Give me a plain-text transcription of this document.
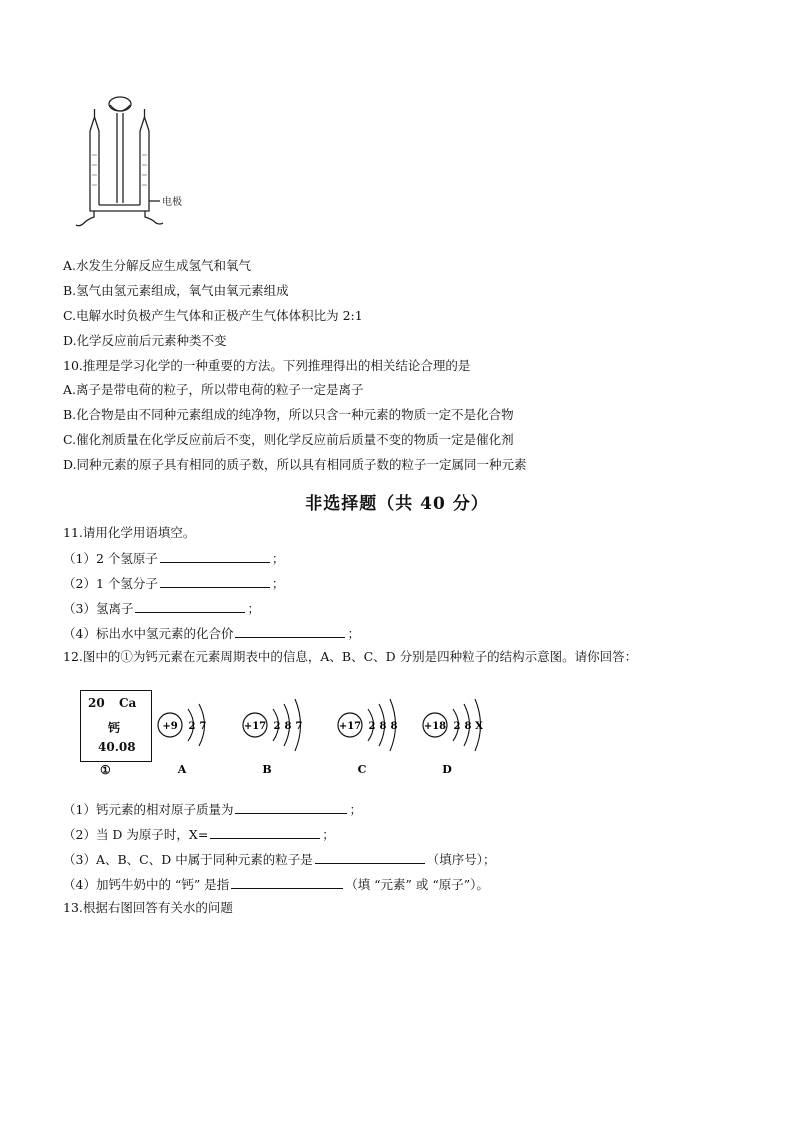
电极
A.水发生分解反应生成氢气和氧气
B.氢气由氢元素组成，氧气由氧元素组成
C.电解水时负极产生气体和正极产生气体体积比为 2:1
D.化学反应前后元素种类不变
10.推理是学习化学的一种重要的方法。下列推理得出的相关结论合理的是
A.离子是带电荷的粒子，所以带电荷的粒子一定是离子
B.化合物是由不同种元素组成的纯净物，所以只含一种元素的物质一定不是化合物
C.催化剂质量在化学反应前后不变，则化学反应前后质量不变的物质一定是催化剂
D.同种元素的原子具有相同的质子数，所以具有相同质子数的粒子一定属同一种元素
非选择题（共 40 分）
11.请用化学用语填空。
（1）2 个氢原子	；
（2）1 个氢分子	；
（3）氢离子	；
（4）标出水中氢元素的化合价	；
12.图中的①为钙元素在元素周期表中的信息，A、B、C、D 分别是四种粒子的结构示意图。请你回答：
20 Ca
钙
40.08
①
+9 2 7
A
+17 2 8 7
B
+17 2 8 8
C
+18 2 8 X
D
（1）钙元素的相对原子质量为	；
（2）当 D 为原子时，X=	；
（3）A、B、C、D 中属于同种元素的粒子是	（填序号）；
（4）加钙牛奶中的 “钙” 是指	（填 “元素” 或 “原子”）。
13.根据右图回答有关水的问题
